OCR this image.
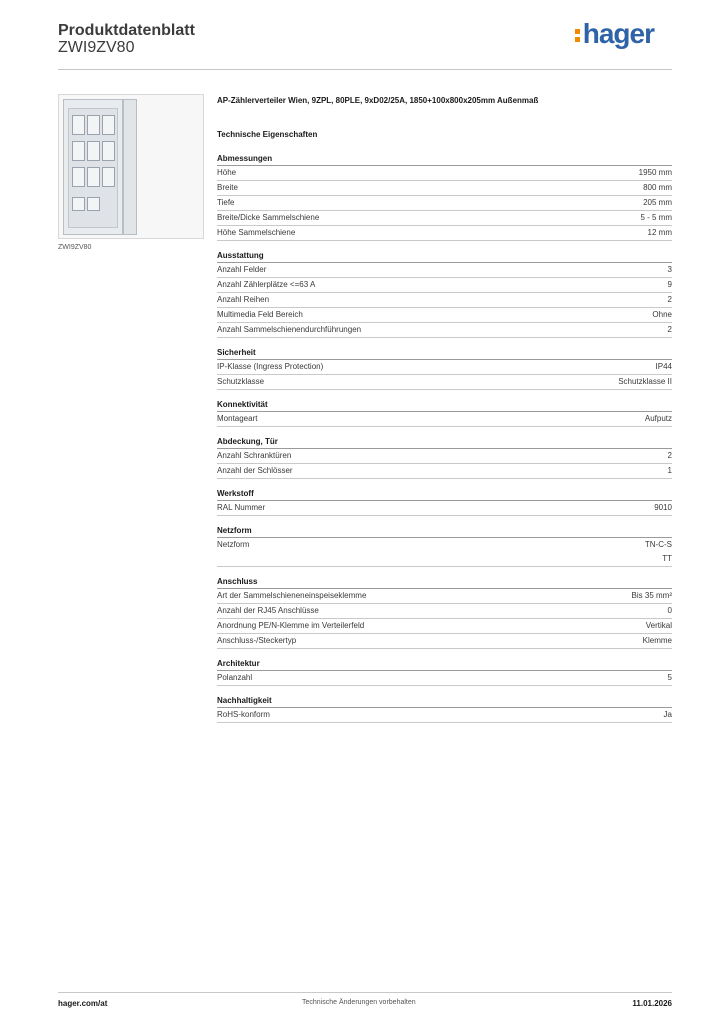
Produktdatenblatt
ZWI9ZV80	hager
ZWI9ZV80
AP-Zählerverteiler Wien, 9ZPL, 80PLE, 9xD02/25A, 1850+100x800x205mm Außenmaß
Technische Eigenschaften
Abmessungen
Höhe	1950 mm
Breite	800 mm
Tiefe	205 mm
Breite/Dicke Sammelschiene	5 - 5 mm
Höhe Sammelschiene	12 mm
Ausstattung
Anzahl Felder	3
Anzahl Zählerplätze <=63 A	9
Anzahl Reihen	2
Multimedia Feld Bereich	Ohne
Anzahl Sammelschienendurchführungen	2
Sicherheit
IP-Klasse (Ingress Protection)	IP44
Schutzklasse	Schutzklasse II
Konnektivität
Montageart	Aufputz
Abdeckung, Tür
Anzahl Schranktüren	2
Anzahl der Schlösser	1
Werkstoff
RAL Nummer	9010
Netzform
Netzform	TN-C-S
TT
Anschluss
Art der Sammelschieneneinspeiseklemme	Bis 35 mm²
Anzahl der RJ45 Anschlüsse	0
Anordnung PE/N-Klemme im Verteilerfeld	Vertikal
Anschluss-/Steckertyp	Klemme
Architektur
Polanzahl	5
Nachhaltigkeit
RoHS-konform	Ja
hager.com/at	Technische Änderungen vorbehalten	11.01.2026
